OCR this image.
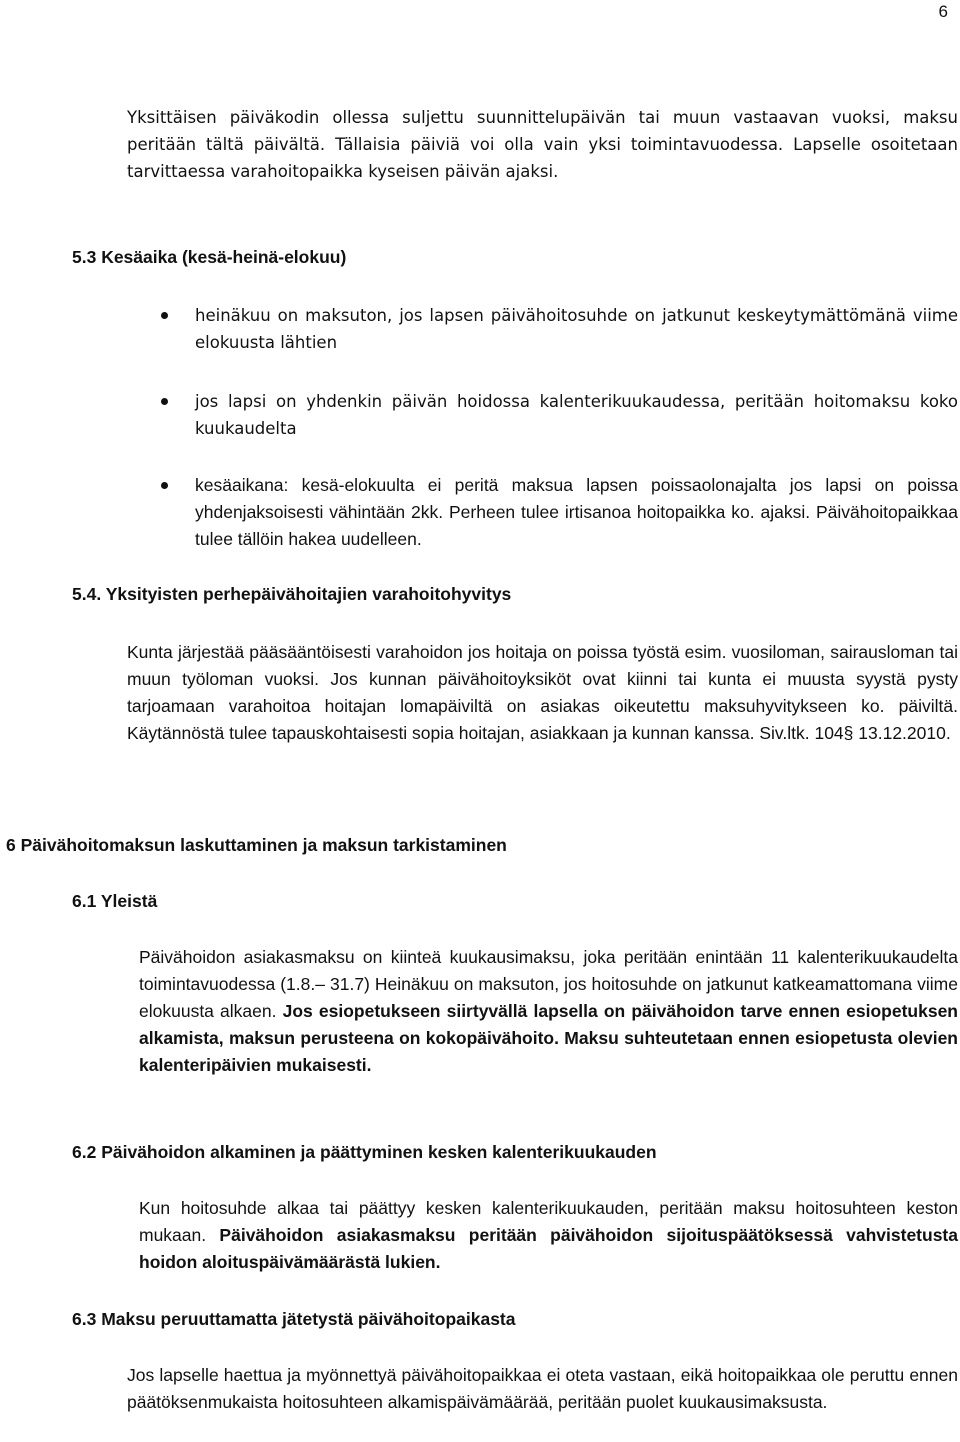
6

Yksittäisen päiväkodin ollessa suljettu suunnittelupäivän tai muun vastaavan vuoksi, maksu peritään tältä päivältä. Tällaisia päiviä voi olla vain yksi toimintavuodessa. Lapselle osoitetaan tarvittaessa varahoitopaikka kyseisen päivän ajaksi.

5.3 Kesäaika (kesä-heinä-elokuu)

heinäkuu on maksuton, jos lapsen päivähoitosuhde on jatkunut keskeytymättömänä viime elokuusta lähtien

jos lapsi on yhdenkin päivän hoidossa kalenterikuukaudessa, peritään hoitomaksu koko kuukaudelta

kesäaikana: kesä-elokuulta ei peritä maksua lapsen poissaolonajalta jos lapsi on poissa yhdenjaksoisesti vähintään 2kk. Perheen tulee irtisanoa hoitopaikka ko. ajaksi. Päivähoitopaikkaa tulee tällöin hakea uudelleen.

5.4. Yksityisten perhepäivähoitajien varahoitohyvitys

Kunta järjestää pääsääntöisesti varahoidon jos hoitaja on poissa työstä esim. vuosiloman, sairausloman tai muun työloman vuoksi. Jos kunnan päivähoitoyksiköt ovat kiinni tai kunta ei muusta syystä pysty tarjoamaan varahoitoa hoitajan lomapäiviltä on asiakas oikeutettu maksuhyvitykseen ko. päiviltä. Käytännöstä tulee tapauskohtaisesti sopia hoitajan, asiakkaan ja kunnan kanssa. Siv.ltk. 104§ 13.12.2010.

6 Päivähoitomaksun laskuttaminen ja maksun tarkistaminen

6.1 Yleistä

Päivähoidon asiakasmaksu on kiinteä kuukausimaksu, joka peritään enintään 11 kalenterikuukaudelta toimintavuodessa (1.8.– 31.7) Heinäkuu on maksuton, jos hoitosuhde on jatkunut katkeamattomana viime elokuusta alkaen. Jos esiopetukseen siirtyvällä lapsella on päivähoidon tarve ennen esiopetuksen alkamista, maksun perusteena on kokopäivähoito. Maksu suhteutetaan ennen esiopetusta olevien kalenteripäivien mukaisesti.

6.2 Päivähoidon alkaminen ja päättyminen kesken kalenterikuukauden

Kun hoitosuhde alkaa tai päättyy kesken kalenterikuukauden, peritään maksu hoitosuhteen keston mukaan. Päivähoidon asiakasmaksu peritään päivähoidon sijoituspäätöksessä vahvistetusta hoidon aloituspäivämäärästä lukien.

6.3 Maksu peruuttamatta jätetystä päivähoitopaikasta

Jos lapselle haettua ja myönnettyä päivähoitopaikkaa ei oteta vastaan, eikä hoitopaikkaa ole peruttu ennen päätöksenmukaista hoitosuhteen alkamispäivämäärää, peritään puolet kuukausimaksusta.
